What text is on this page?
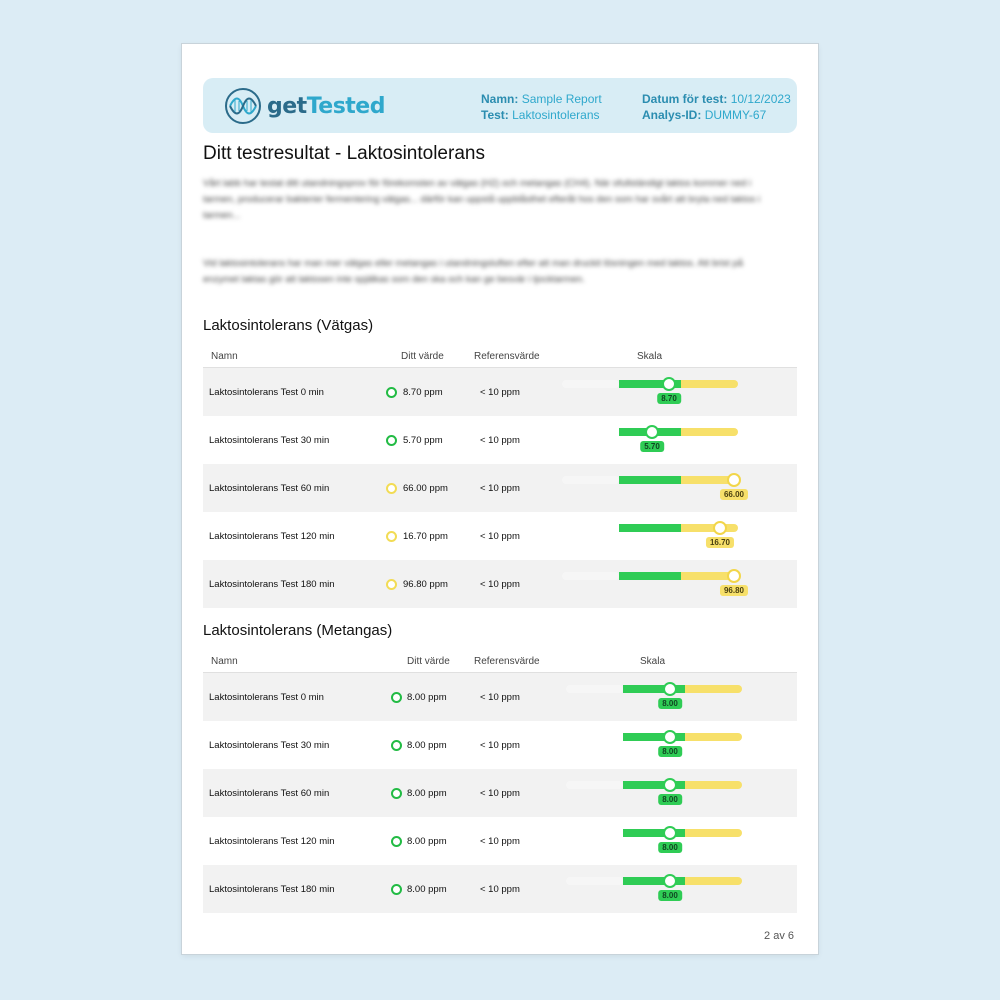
getTested	Namn: Sample Report
Test: Laktosintolerans
Datum för test: 10/12/2023
Analys-ID: DUMMY-67
Ditt testresultat - Laktosintolerans
Vårt labb har testat ditt utandningsprov för förekomsten av vätgas (H2) och metangas (CH4). När ofullständigt laktos kommer ned i tarmen, producerar bakterier fermentering vätgas... därför kan uppstå uppblåsthet efteråt hos den som har svårt att bryta ned laktos i tarmen...
Vid laktosintolerans har man mer vätgas eller metangas i utandningsluften efter att man druckit lösningen med laktos. Att brist på enzymet laktas gör att laktosen inte spjälkas som den ska och kan ge besvär i tjocktarmen.
Laktosintolerans (Vätgas)
Namn	Ditt värde	Referensvärde	Skala
Laktosintolerans Test 0 min	8.70 ppm	< 10 ppm
8.70
Laktosintolerans Test 30 min	5.70 ppm	< 10 ppm
5.70
Laktosintolerans Test 60 min	66.00 ppm	< 10 ppm
66.00
Laktosintolerans Test 120 min	16.70 ppm	< 10 ppm
16.70
Laktosintolerans Test 180 min	96.80 ppm	< 10 ppm
96.80
Laktosintolerans (Metangas)
Namn	Ditt värde Referensvärde	Skala
Laktosintolerans Test 0 min	8.00 ppm	< 10 ppm
8.00
Laktosintolerans Test 30 min	8.00 ppm	< 10 ppm
8.00
Laktosintolerans Test 60 min	8.00 ppm	< 10 ppm
8.00
Laktosintolerans Test 120 min	8.00 ppm	< 10 ppm
8.00
Laktosintolerans Test 180 min	8.00 ppm	< 10 ppm
8.00
2 av 6
